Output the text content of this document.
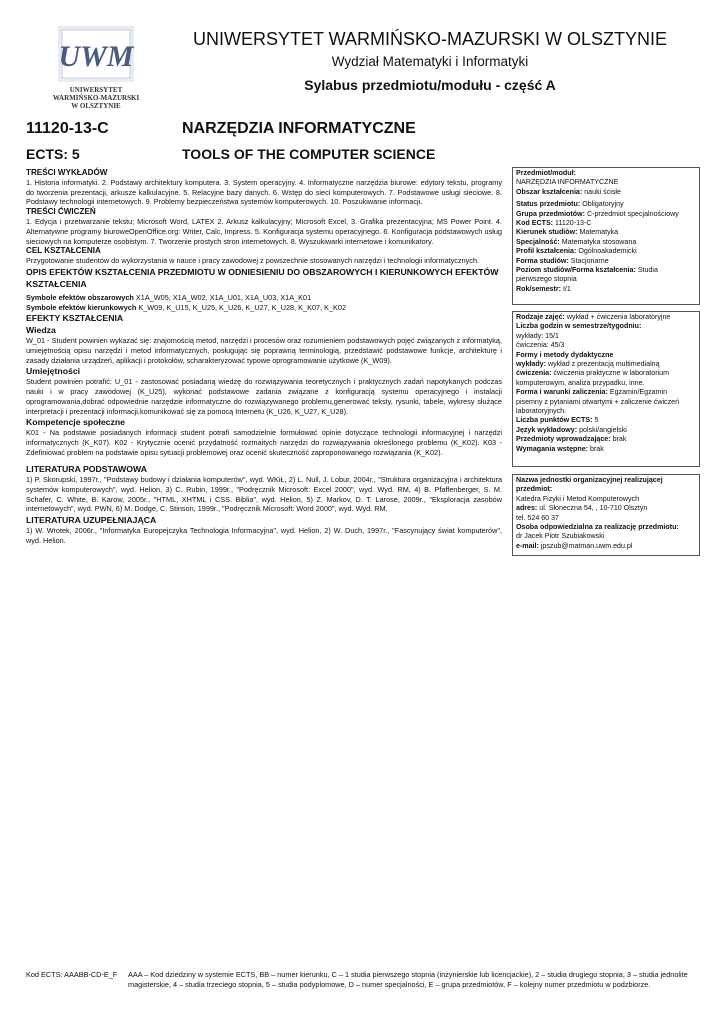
UWM
UNIWERSYTET
WARMIŃSKO-MAZURSKI
W OLSZTYNIE
UNIWERSYTET WARMIŃSKO-MAZURSKI W OLSZTYNIE
Wydział Matematyki i Informatyki
Sylabus przedmiotu/modułu - część A
11120-13-C	NARZĘDZIA INFORMATYCZNE
ECTS: 5	TOOLS OF THE COMPUTER SCIENCE

TREŚCI WYKŁADÓW

1. Historia informatyki. 2. Podstawy architektury komputera. 3. System operacyjny. 4. Informatyczne narzędzia biurowe: edytory tekstu, programy do tworzenia prezentacji, arkusze kalkulacyjne. 5. Relacyjne bazy danych. 6. Wstęp do sieci komputerowych. 7. Podstawowe usługi sieciowe. 8. Podstawy technologii internetowych. 9. Problemy bezpieczeństwa systemów komputerowych. 10. Poszukiwanie informacji.

TREŚCI ĆWICZEŃ

1. Edycja i przetwarzanie tekstu; Microsoft Word, LATEX 2. Arkusz kalkulacyjny; Microsoft Excel, 3. Grafika prezentacyjna; MS Power Point. 4. Alternatywne programy biuroweOpenOffice.org: Writer, Calc, Impress. 5. Konfiguracja systemu operacyjnego. 6. Konfiguracja podstawowych usług sieciowych na komputerze osobistym. 7. Tworzenie prostych stron internetowych. 8. Wyszukiwarki internetowe i komunikatory.

CEL KSZTAŁCENIA

Przygotowanie studentów do wykorzystania w nauce i pracy zawodowej z powszechnie stosowanych narzędzi i technologii informatycznych.

OPIS EFEKTÓW KSZTAŁCENIA PRZEDMIOTU W ODNIESIENIU DO OBSZAROWYCH I KIERUNKOWYCH EFEKTÓW KSZTAŁCENIA

Symbole efektów obszarowych X1A_W05, X1A_W02, X1A_U01, X1A_U03, X1A_K01

Symbole efektów kierunkowych K_W09, K_U15, K_U25, K_U26, K_U27, K_U28, K_K07, K_K02

EFEKTY KSZTAŁCENIA

Wiedza

W_01 - Student powinien wykazać się: znajomością metod, narzędzi i procesów oraz rozumieniem podstawowych pojęć związanych z informatyką, umiejętnością opisu narzędzi i metod informatycznych, posługując się poprawną terminologią, przedstawić podstawowe funkcje, architekturę i zasady działania urządzeń, aplikacji i protokołów, scharakteryzować typowe oprogramowanie użytkowe (K_W09).

Umiejętności

Student powinien potrafić: U_01 - zastosować posiadaną wiedzę do rozwiązywania teoretycznych i praktycznych zadań napotykanych podczas nauki i w pracy zawodowej (K_U25), wykonać podstawowe zadania związane z konfiguracją systemu operacyjnego i instalacji oprogramowania,dobrać odpowiednie narzędzie informatyczne do rozwiązywanego problemu,generować teksty, rysunki, tabele, wykresy służące interpretacji i prezentacji informacji,komunikować się za pomocą Internetu (K_U26, K_U27, K_U28).

Kompetencje społeczne

K01 - Na podstawie posiadanych informacji student potrafi samodzielnie formułować opinie dotyczące technologii informacyjnej i narzędzi informatycznych (K_K07). K02 - Krytycznie ocenić przydatność rozmaitych narzędzi do rozwiązywania określonego problemu (K_K02). K03 - Zdefiniować problem na podstawie opisu sytuacji problemowej oraz ocenić skuteczność zaproponowanego rozwiązania (K_K02).

LITERATURA PODSTAWOWA

1) P. Skorupski, 1997r., "Podstawy budowy i działania komputerów", wyd. WKiŁ, 2) L. Null, J. Lobur, 2004r., "Struktura organizacyjna i architektura systemów komputerowych", wyd. Helion, 3) C. Rubin, 1999r., "Podręcznik Microsoft: Excel 2000", wyd. Wyd. RM, 4) B. Pfaffenberger, S. M. Schafer, C. White, B. Karow, 2005r., "HTML, XHTML i CSS. Biblia", wyd. Helion, 5) Z. Markov, D. T. Larose, 2009r., "Eksploracja zasobów internetowych", wyd. PWN, 6) M. Dodge, C. Stinson, 1999r., "Podręcznik Microsoft: Word 2000", wyd. Wyd. RM.

LITERATURA UZUPEŁNIAJĄCA

1) W. Wrotek, 2006r., "Informatyka Europejczyka Technologia Informacyjna", wyd. Helion, 2) W. Duch, 1997r., "Fascynujący świat komputerów", wyd. Helion.

Przedmiot/moduł:
NARZĘDZIA INFORMATYCZNE
Obszar kształcenia: nauki ścisłe
Status przedmiotu: Obligatoryjny
Grupa przedmiotów: C-przedmiot specjalnościowy
Kod ECTS: 11120-13-C
Kierunek studiów: Matematyka
Specjalność: Matematyka stosowana
Profil kształcenia: Ogólnoakademicki
Forma studiów: Stacjonarne
Poziom studiów/Forma kształcenia: Studia
pierwszego stopnia
Rok/semestr: I/1
Rodzaje zajęć: wykład + ćwiczenia laboratoryjne
Liczba godzin w semestrze/tygodniu:
wykłady: 15/1
ćwiczenia: 45/3
Formy i metody dydaktyczne
wykłady: wykład z prezentacją multimedialną
ćwiczenia: ćwiczenia praktyczne w laboratorium
komputerowym, analiza przypadku, inne.
Forma i warunki zaliczenia: Egzamin/Egzamin
pisemny z pytaniami otwartymi + zaliczenie ćwiczeń
laboratoryjnych.
Liczba punktów ECTS: 5
Język wykładowy: polski/angielski
Przedmioty wprowadzające: brak
Wymagania wstępne: brak
Nazwa jednostki organizacyjnej realizującej
przedmiot:
Katedra Fizyki i Metod Komputerowych
adres: ul. Słoneczna 54, , 10-710 Olsztyn
tel. 524 60 37
Osoba odpowiedzialna za realizację przedmiotu:
dr Jacek Piotr Szubiakowski
e-mail: jpszub@matman.uwm.edu.pl
Kod ECTS: AAABB-CD-E_F AAA – Kod dziedziny w systemie ECTS, BB – numer kierunku, C – 1 studia pierwszego stopnia (inżynierskie lub licencjackie), 2 – studia drugiego stopnia, 3 – studia jednolite magisterskie, 4 – studia trzeciego stopnia, 5 – studia podyplomowe, D – numer specjalności, E – grupa przedmiotów, F – kolejny numer przedmiotu w podzbiorze.
